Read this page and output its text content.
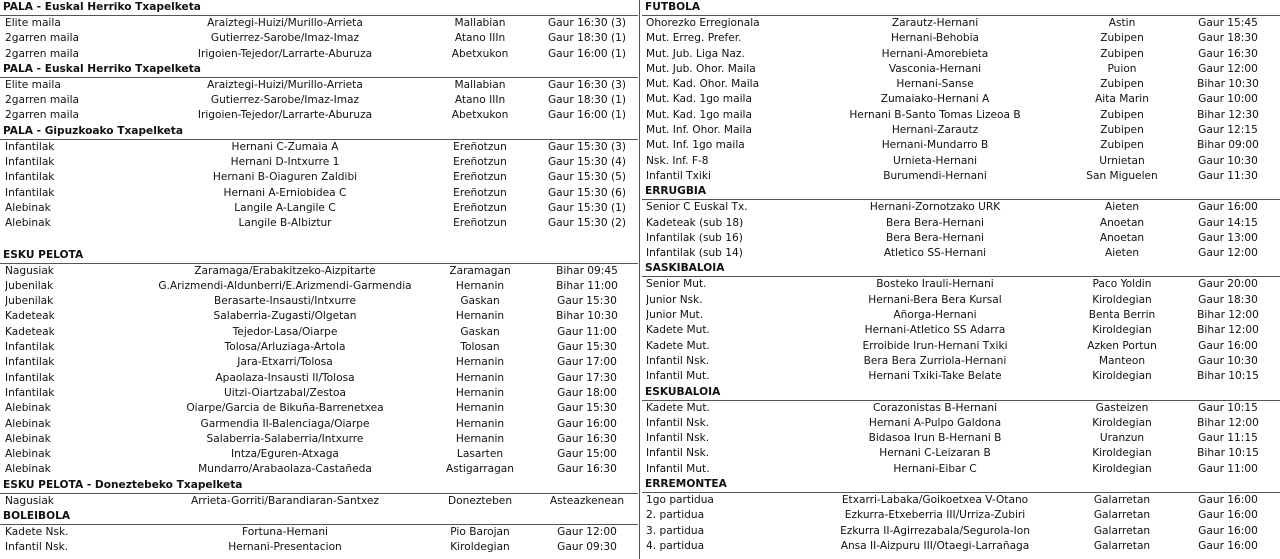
PALA - Euskal Herriko Txapelketa
Elite maila	Araiztegi-Huizi/Murillo-Arrieta	Mallabian	Gaur 16:30 (3)
2garren maila	Gutierrez-Sarobe/Imaz-Imaz	Atano IIIn	Gaur 18:30 (1)
2garren maila	Irigoien-Tejedor/Larrarte-Aburuza	Abetxukon	Gaur 16:00 (1)
PALA - Euskal Herriko Txapelketa
Elite maila	Araiztegi-Huizi/Murillo-Arrieta	Mallabian	Gaur 16:30 (3)
2garren maila	Gutierrez-Sarobe/Imaz-Imaz	Atano IIIn	Gaur 18:30 (1)
2garren maila	Irigoien-Tejedor/Larrarte-Aburuza	Abetxukon	Gaur 16:00 (1)
PALA - Gipuzkoako Txapelketa
Infantilak	Hernani C-Zumaia A	Ereñotzun	Gaur 15:30 (3)
Infantilak	Hernani D-Intxurre 1	Ereñotzun	Gaur 15:30 (4)
Infantilak	Hernani B-Oiaguren Zaldibi	Ereñotzun	Gaur 15:30 (5)
Infantilak	Hernani A-Erniobidea C	Ereñotzun	Gaur 15:30 (6)
Alebinak	Langile A-Langile C	Ereñotzun	Gaur 15:30 (1)
Alebinak	Langile B-Albiztur	Ereñotzun	Gaur 15:30 (2)
ESKU PELOTA
Nagusiak	Zaramaga/Erabakitzeko-Aizpitarte	Zaramagan	Bihar 09:45
Jubenilak	G.Arizmendi-Aldunberri/E.Arizmendi-Garmendia	Hernanin	Bihar 11:00
Jubenilak	Berasarte-Insausti/Intxurre	Gaskan	Gaur 15:30
Kadeteak	Salaberria-Zugasti/Olgetan	Hernanin	Bihar 10:30
Kadeteak	Tejedor-Lasa/Oiarpe	Gaskan	Gaur 11:00
Infantilak	Tolosa/Arluziaga-Artola	Tolosan	Gaur 15:30
Infantilak	Jara-Etxarri/Tolosa	Hernanin	Gaur 17:00
Infantilak	Apaolaza-Insausti II/Tolosa	Hernanin	Gaur 17:30
Infantilak	Uitzi-Oiartzabal/Zestoa	Hernanin	Gaur 18:00
Alebinak	Oiarpe/Garcia de Bikuña-Barrenetxea	Hernanin	Gaur 15:30
Alebinak	Garmendia II-Balenciaga/Oiarpe	Hernanin	Gaur 16:00
Alebinak	Salaberria-Salaberria/Intxurre	Hernanin	Gaur 16:30
Alebinak	Intza/Eguren-Atxaga	Lasarten	Gaur 15:00
Alebinak	Mundarro/Arabaolaza-Castañeda	Astigarragan	Gaur 16:30
ESKU PELOTA - Doneztebeko Txapelketa
Nagusiak	Arrieta-Gorriti/Barandiaran-Santxez	Donezteben	Asteazkenean
BOLEIBOLA
Kadete Nsk.	Fortuna-Hernani	Pio Barojan	Gaur 12:00
Infantil Nsk.	Hernani-Presentacion	Kiroldegian	Gaur 09:30
FUTBOLA
Ohorezko Erregionala	Zarautz-Hernani	Astin	Gaur 15:45
Mut. Erreg. Prefer.	Hernani-Behobia	Zubipen	Gaur 18:30
Mut. Jub. Liga Naz.	Hernani-Amorebieta	Zubipen	Gaur 16:30
Mut. Jub. Ohor. Maila	Vasconia-Hernani	Puion	Gaur 12:00
Mut. Kad. Ohor. Maila	Hernani-Sanse	Zubipen	Bihar 10:30
Mut. Kad. 1go maila	Zumaiako-Hernani A	Aita Marin	Gaur 10:00
Mut. Kad. 1go maila	Hernani B-Santo Tomas Lizeoa B	Zubipen	Bihar 12:30
Mut. Inf. Ohor. Maila	Hernani-Zarautz	Zubipen	Gaur 12:15
Mut. Inf. 1go maila	Hernani-Mundarro B	Zubipen	Bihar 09:00
Nsk. Inf. F-8	Urnieta-Hernani	Urnietan	Gaur 10:30
Infantil Txiki	Burumendi-Hernani	San Miguelen	Gaur 11:30
ERRUGBIA
Senior C Euskal Tx.	Hernani-Zornotzako URK	Aieten	Gaur 16:00
Kadeteak (sub 18)	Bera Bera-Hernani	Anoetan	Gaur 14:15
Infantilak (sub 16)	Bera Bera-Hernani	Anoetan	Gaur 13:00
Infantilak (sub 14)	Atletico SS-Hernani	Aieten	Gaur 12:00
SASKIBALOIA
Senior Mut.	Bosteko Irauli-Hernani	Paco Yoldin	Gaur 20:00
Junior Nsk.	Hernani-Bera Bera Kursal	Kiroldegian	Gaur 18:30
Junior Mut.	Añorga-Hernani	Benta Berrin	Bihar 12:00
Kadete Mut.	Hernani-Atletico SS Adarra	Kiroldegian	Bihar 12:00
Kadete Mut.	Erroibide Irun-Hernani Txiki	Azken Portun	Gaur 16:00
Infantil Nsk.	Bera Bera Zurriola-Hernani	Manteon	Gaur 10:30
Infantil Mut.	Hernani Txiki-Take Belate	Kiroldegian	Bihar 10:15
ESKUBALOIA
Kadete Mut.	Corazonistas B-Hernani	Gasteizen	Gaur 10:15
Infantil Nsk.	Hernani A-Pulpo Galdona	Kiroldegian	Bihar 12:00
Infantil Nsk.	Bidasoa Irun B-Hernani B	Uranzun	Gaur 11:15
Infantil Nsk.	Hernani C-Leizaran B	Kiroldegian	Bihar 10:15
Infantil Mut.	Hernani-Eibar C	Kiroldegian	Gaur 11:00
ERREMONTEA
1go partidua	Etxarri-Labaka/Goikoetxea V-Otano	Galarretan	Gaur 16:00
2. partidua	Ezkurra-Etxeberria III/Urriza-Zubiri	Galarretan	Gaur 16:00
3. partidua	Ezkurra II-Agirrezabala/Segurola-Ion	Galarretan	Gaur 16:00
4. partidua	Ansa II-Aizpuru III/Otaegi-Larrañaga	Galarretan	Gaur 16:00
